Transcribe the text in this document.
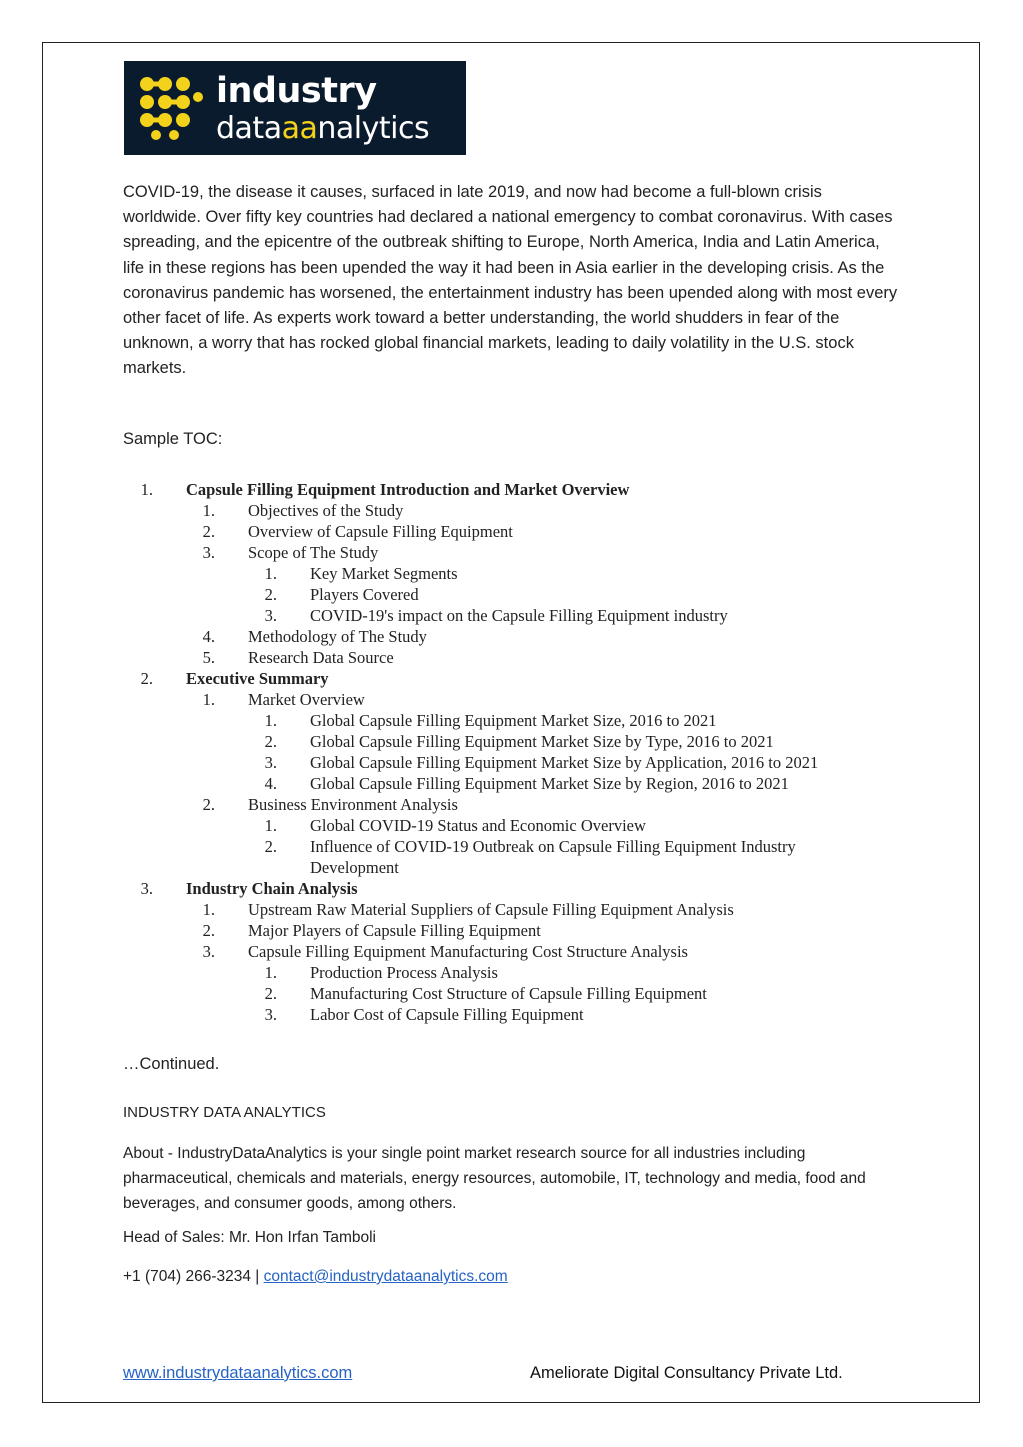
industry
dataaanalytics

COVID-19, the disease it causes, surfaced in late 2019, and now had become a full-blown crisis worldwide. Over fifty key countries had declared a national emergency to combat coronavirus. With cases spreading, and the epicentre of the outbreak shifting to Europe, North America, India and Latin America, life in these regions has been upended the way it had been in Asia earlier in the developing crisis. As the coronavirus pandemic has worsened, the entertainment industry has been upended along with most every other facet of life. As experts work toward a better understanding, the world shudders in fear of the unknown, a worry that has rocked global financial markets, leading to daily volatility in the U.S. stock markets.

Sample TOC:

1. Capsule Filling Equipment Introduction and Market Overview
1. Objectives of the Study
2. Overview of Capsule Filling Equipment
3. Scope of The Study
1. Key Market Segments
2. Players Covered
3. COVID-19's impact on the Capsule Filling Equipment industry
4. Methodology of The Study
5. Research Data Source
2. Executive Summary
1. Market Overview
1. Global Capsule Filling Equipment Market Size, 2016 to 2021
2. Global Capsule Filling Equipment Market Size by Type, 2016 to 2021
3. Global Capsule Filling Equipment Market Size by Application, 2016 to 2021
4. Global Capsule Filling Equipment Market Size by Region, 2016 to 2021
2. Business Environment Analysis
1. Global COVID-19 Status and Economic Overview
2. Influence of COVID-19 Outbreak on Capsule Filling Equipment Industry
Development
3. Industry Chain Analysis
1. Upstream Raw Material Suppliers of Capsule Filling Equipment Analysis
2. Major Players of Capsule Filling Equipment
3. Capsule Filling Equipment Manufacturing Cost Structure Analysis
1. Production Process Analysis
2. Manufacturing Cost Structure of Capsule Filling Equipment
3. Labor Cost of Capsule Filling Equipment

…Continued.

INDUSTRY DATA ANALYTICS

About - IndustryDataAnalytics is your single point market research source for all industries including pharmaceutical, chemicals and materials, energy resources, automobile, IT, technology and media, food and beverages, and consumer goods, among others.

Head of Sales: Mr. Hon Irfan Tamboli

+1 (704) 266-3234 | contact@industrydataanalytics.com

www.industrydataanalytics.com	Ameliorate Digital Consultancy Private Ltd.
